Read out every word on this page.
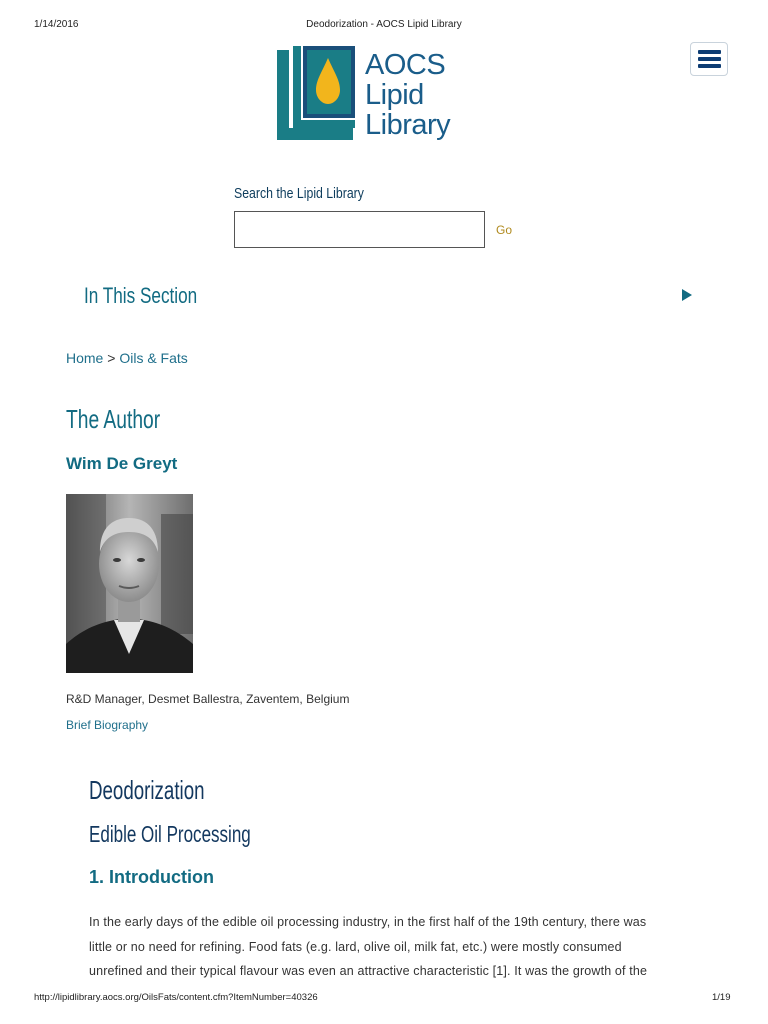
1/14/2016	Deodorization - AOCS Lipid Library
AOCS
Lipid
Library
Search the Lipid Library
Go
In This Section
Home > Oils & Fats
The Author
Wim De Greyt
R&D Manager, Desmet Ballestra, Zaventem, Belgium
Brief Biography
Deodorization
Edible Oil Processing
1. Introduction
In the early days of the edible oil processing industry, in the first half of the 19th century, there was
little or no need for refining. Food fats (e.g. lard, olive oil, milk fat, etc.) were mostly consumed
unrefined and their typical flavour was even an attractive characteristic [1]. It was the growth of the
http://lipidlibrary.aocs.org/OilsFats/content.cfm?ItemNumber=40326	1/19
